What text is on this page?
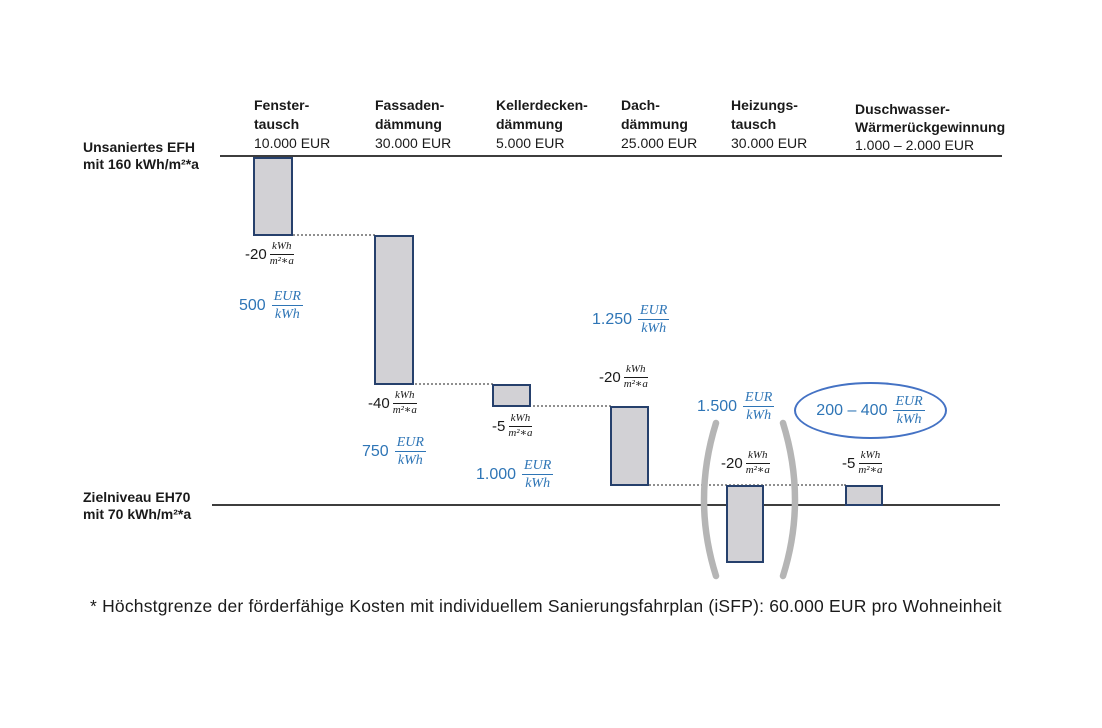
Unsaniertes EFH
mit 160 kWh/m²*a
Zielniveau EH70
mit 70 kWh/m²*a
Fenster-
tausch
10.000 EUR
Fassaden-
dämmung
30.000 EUR
Kellerdecken-
dämmung
5.000 EUR
Dach-
dämmung
25.000 EUR
Heizungs-
tausch
30.000 EUR
Duschwasser-
Wärmerückgewinnung
1.000 – 2.000 EUR
$-20 \frac{\text{kWh}}{\text{m²∗a}}$
$-40 \frac{\text{kWh}}{\text{m²∗a}}$
$-5 \frac{\text{kWh}}{\text{m²∗a}}$
$-20 \frac{\text{kWh}}{\text{m²∗a}}$
$-20 \frac{\text{kWh}}{\text{m²∗a}}$	$-5 \frac{\text{kWh}}{\text{m²∗a}}$
$500 \frac{\text{EUR}}{\text{kWh}}$
$750 \frac{\text{EUR}}{\text{kWh}}$
$1.000 \frac{\text{EUR}}{\text{kWh}}$
$1.250 \frac{\text{EUR}}{\text{kWh}}$
$1.500 \frac{\text{EUR}}{\text{kWh}}$	$200 - 400 \frac{\text{EUR}}{\text{kWh}}$
* Höchstgrenze der förderfähige Kosten mit individuellem Sanierungsfahrplan (iSFP): 60.000 EUR pro Wohneinheit
